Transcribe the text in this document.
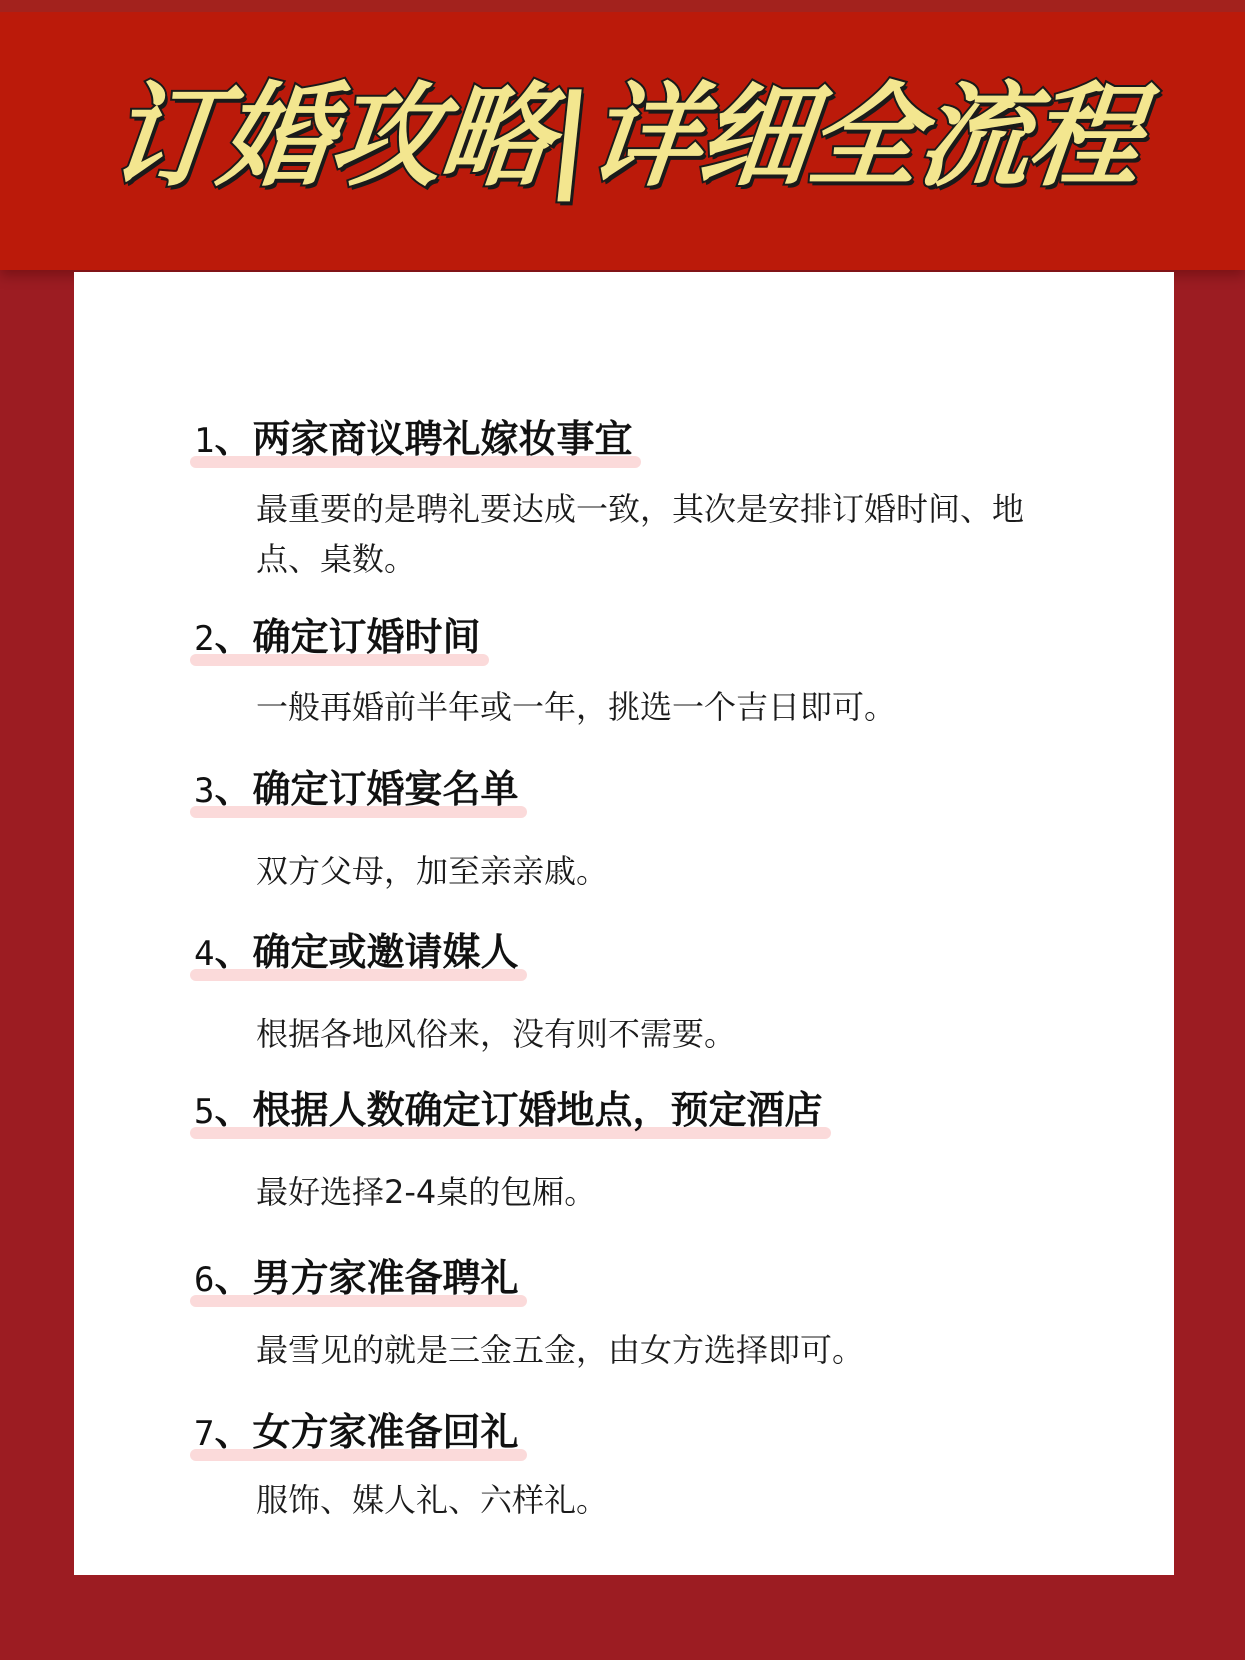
订婚攻略|详细全流程
1、两家商议聘礼嫁妆事宜
最重要的是聘礼要达成一致，其次是安排订婚时间、地点、桌数。
2、确定订婚时间
一般再婚前半年或一年，挑选一个吉日即可。
3、确定订婚宴名单
双方父母，加至亲亲戚。
4、确定或邀请媒人
根据各地风俗来，没有则不需要。
5、根据人数确定订婚地点，预定酒店
最好选择2-4桌的包厢。
6、男方家准备聘礼
最雪见的就是三金五金，由女方选择即可。
7、女方家准备回礼
服饰、媒人礼、六样礼。
